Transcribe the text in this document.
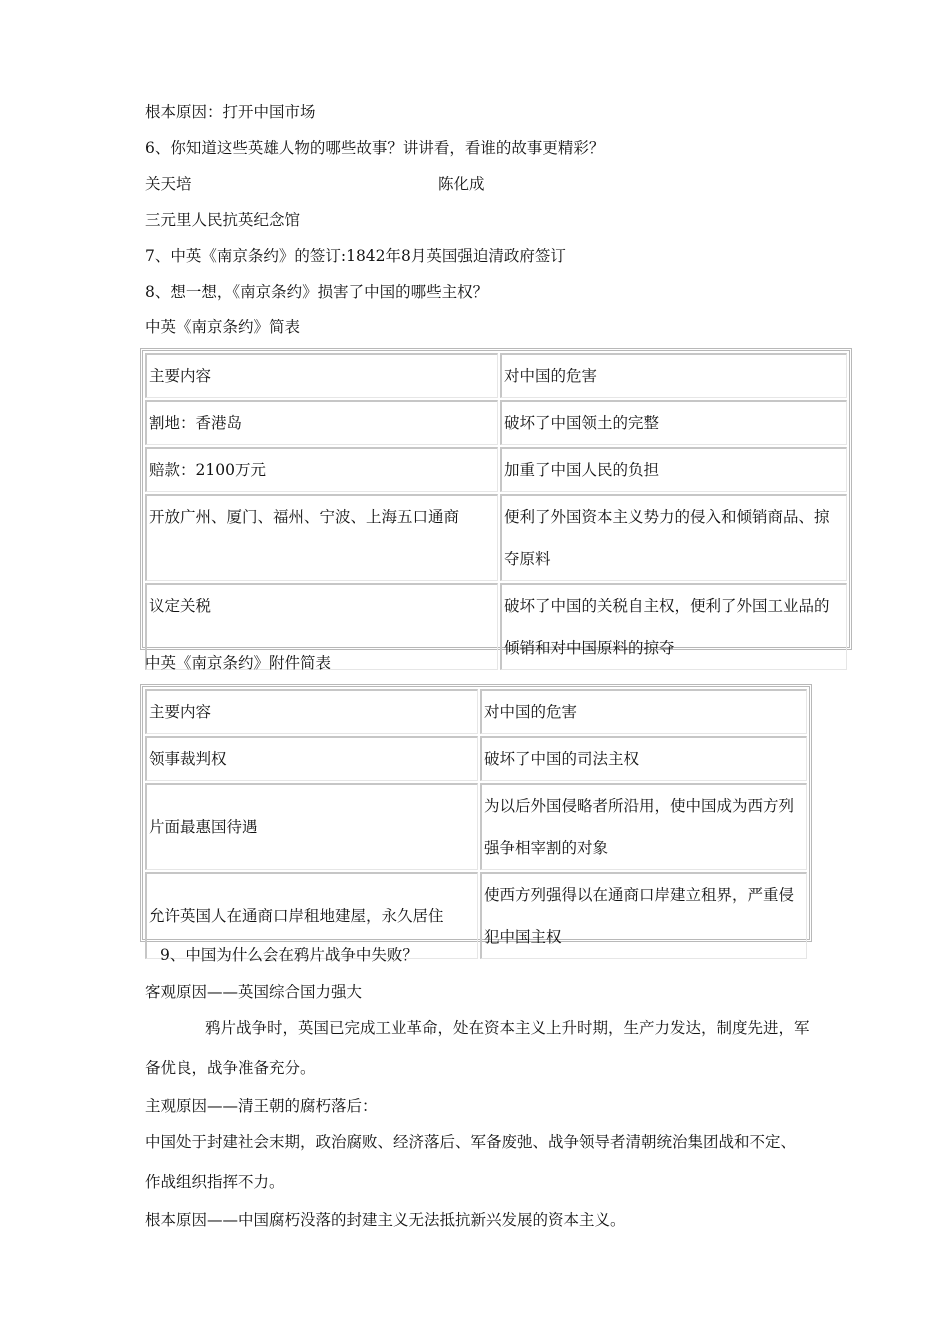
根本原因：打开中国市场
6、你知道这些英雄人物的哪些故事？讲讲看，看谁的故事更精彩？
关天培	陈化成
三元里人民抗英纪念馆
7、中英《南京条约》的签订:1842年8月英国强迫清政府签订
8、想一想，《南京条约》损害了中国的哪些主权？
中英《南京条约》简表
主要内容	对中国的危害
割地：香港岛	破坏了中国领土的完整
赔款：2100万元	加重了中国人民的负担
开放广州、厦门、福州、宁波、上海五口通商	便利了外国资本主义势力的侵入和倾销商品、掠夺原料
议定关税	破坏了中国的关税自主权，便利了外国工业品的倾销和对中国原料的掠夺
中英《南京条约》附件简表
主要内容	对中国的危害
领事裁判权	破坏了中国的司法主权
片面最惠国待遇	为以后外国侵略者所沿用，使中国成为西方列强争相宰割的对象
允许英国人在通商口岸租地建屋，永久居住	使西方列强得以在通商口岸建立租界，严重侵犯中国主权
9、中国为什么会在鸦片战争中失败？
客观原因——英国综合国力强大
鸦片战争时，英国已完成工业革命，处在资本主义上升时期，生产力发达，制度先进，军
备优良，战争准备充分。
主观原因——清王朝的腐朽落后：
中国处于封建社会末期，政治腐败、经济落后、军备废弛、战争领导者清朝统治集团战和不定、
作战组织指挥不力。
根本原因——中国腐朽没落的封建主义无法抵抗新兴发展的资本主义。
